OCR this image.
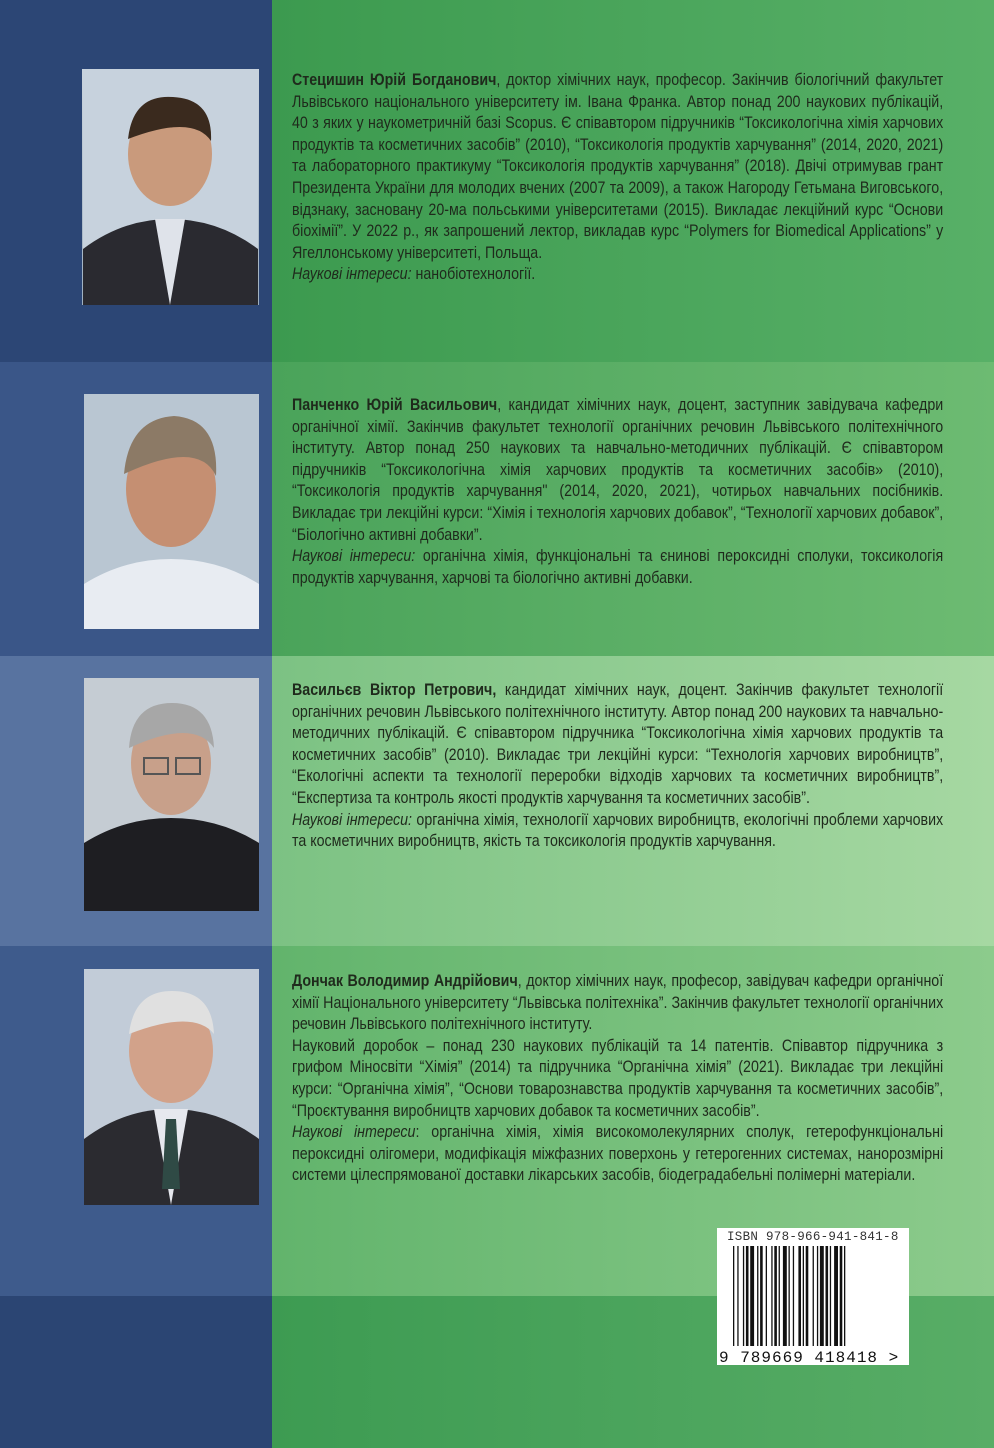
Стецишин Юрій Богданович, доктор хімічних наук, професор. Закінчив біологічний факультет Львівського національного університету ім. Івана Франка. Автор понад 200 наукових публікацій, 40 з яких у наукометричній базі Scopus. Є співавтором підручників “Токсикологічна хімія харчових продуктів та косметичних засобів” (2010), “Токсикологія продуктів харчування” (2014, 2020, 2021) та лабораторного практикуму “Токсикологія продуктів харчування” (2018). Двічі отримував грант Президента України для молодих вчених (2007 та 2009), а також Нагороду Гетьмана Виговського, відзнаку, засновану 20-ма польськими університетами (2015). Викладає лекційний курс “Основи біохімії”. У 2022 р., як запрошений лектор, викладав курс “Polymers for Biomedical Applications” у Ягеллонському університеті, Польща.

Наукові інтереси: нанобіотехнології.

Панченко Юрій Васильович, кандидат хімічних наук, доцент, заступник завідувача кафедри органічної хімії. Закінчив факультет технології органічних речовин Львівського політехнічного інституту. Автор понад 250 наукових та навчально-методичних публікацій. Є співавтором підручників “Токсикологічна хімія харчових продуктів та косметичних засобів» (2010), “Токсикологія продуктів харчування" (2014, 2020, 2021), чотирьох навчальних посібників. Викладає три лекційні курси: “Хімія і технологія харчових добавок”, “Технології харчових добавок”, “Біологічно активні добавки”.

Наукові інтереси: органічна хімія, функціональні та єнинові пероксидні сполуки, токсикологія продуктів харчування, харчові та біологічно активні добавки.

Васильєв Віктор Петрович, кандидат хімічних наук, доцент. Закінчив факультет технології органічних речовин Львівського політехнічного інституту. Автор понад 200 наукових та навчально-методичних публікацій. Є співавтором підручника “Токсикологічна хімія харчових продуктів та косметичних засобів” (2010). Викладає три лекційні курси: “Технологія харчових виробництв”, “Екологічні аспекти та технології переробки відходів харчових та косметичних виробництв”, “Експертиза та контроль якості продуктів харчування та косметичних засобів”.

Наукові інтереси: органічна хімія, технології харчових виробництв, екологічні проблеми харчових та косметичних виробництв, якість та токсикологія продуктів харчування.

Дончак Володимир Андрійович, доктор хімічних наук, професор, завідувач кафедри органічної хімії Національного університету “Львівська політехніка”. Закінчив факультет технології органічних речовин Львівського політехнічного інституту.

Науковий доробок – понад 230 наукових публікацій та 14 патентів. Співавтор підручника з грифом Міносвіти “Хімія” (2014) та підручника “Органічна хімія” (2021). Викладає три лекційні курси: “Органічна хімія”, “Основи товарознавства продуктів харчування та косметичних засобів”, “Проєктування виробництв харчових добавок та косметичних засобів”.

Наукові інтереси: органічна хімія, хімія високомолекулярних сполук, гетерофункціональні пероксидні олігомери, модифікація міжфазних поверхонь у гетерогенних системах, нанорозмірні системи цілеспрямованої доставки лікарських засобів, біодеградабельні полімерні матеріали.

ISBN 978-966-941-841-8
9 789669 418418 >
